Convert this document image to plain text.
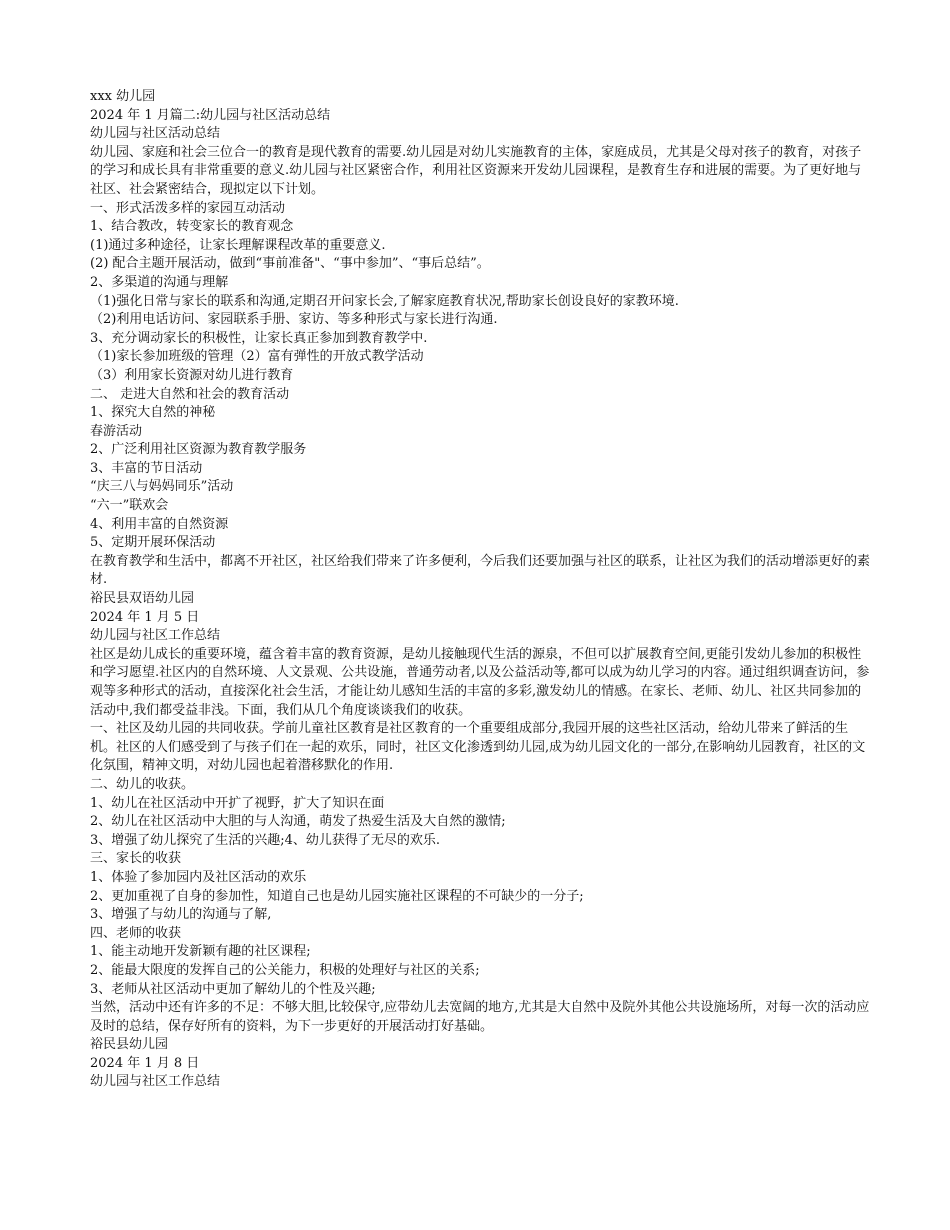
xxx 幼儿园

2024 年 1 月篇二:幼儿园与社区活动总结

幼儿园与社区活动总结

幼儿园、家庭和社会三位合一的教育是现代教育的需要.幼儿园是对幼儿实施教育的主体，家庭成员，尤其是父母对孩子的教育，对孩子的学习和成长具有非常重要的意义.幼儿园与社区紧密合作，利用社区资源来开发幼儿园课程，是教育生存和进展的需要。为了更好地与社区、社会紧密结合，现拟定以下计划。

一、形式活泼多样的家园互动活动

1、结合教改，转变家长的教育观念

(1)通过多种途径，让家长理解课程改革的重要意义.

(2) 配合主题开展活动，做到“事前准备"、“事中参加”、“事后总结”。

2、多渠道的沟通与理解

（1)强化日常与家长的联系和沟通,定期召开问家长会,了解家庭教育状况,帮助家长创设良好的家教环境.

（2)利用电话访问、家园联系手册、家访、等多种形式与家长进行沟通.

3、充分调动家长的积极性，让家长真正参加到教育教学中.

（1)家长参加班级的管理（2）富有弹性的开放式教学活动

（3）利用家长资源对幼儿进行教育

二、 走进大自然和社会的教育活动

1、探究大自然的神秘

春游活动

2、广泛利用社区资源为教育教学服务

3、丰富的节日活动

“庆三八与妈妈同乐”活动

“六一”联欢会

4、利用丰富的自然资源

5、定期开展环保活动

在教育教学和生活中，都离不开社区，社区给我们带来了许多便利，今后我们还要加强与社区的联系，让社区为我们的活动增添更好的素材.

裕民县双语幼儿园

2024 年 1 月 5 日

幼儿园与社区工作总结

社区是幼儿成长的重要环境，蕴含着丰富的教育资源，是幼儿接触现代生活的源泉，不但可以扩展教育空间,更能引发幼儿参加的积极性和学习愿望.社区内的自然环境、人文景观、公共设施，普通劳动者,以及公益活动等,都可以成为幼儿学习的内容。通过组织调查访问，参观等多种形式的活动，直接深化社会生活，才能让幼儿感知生活的丰富的多彩,激发幼儿的情感。在家长、老师、幼儿、社区共同参加的活动中,我们都受益非浅。下面，我们从几个角度谈谈我们的收获。

一、社区及幼儿园的共同收获。学前儿童社区教育是社区教育的一个重要组成部分,我园开展的这些社区活动，给幼儿带来了鲜活的生机。社区的人们感受到了与孩子们在一起的欢乐，同时，社区文化渗透到幼儿园,成为幼儿园文化的一部分,在影响幼儿园教育，社区的文化氛围，精神文明，对幼儿园也起着潜移默化的作用.

二、幼儿的收获。

1、幼儿在社区活动中开扩了视野，扩大了知识在面

2、幼儿在社区活动中大胆的与人沟通，萌发了热爱生活及大自然的激情;

3、增强了幼儿探究了生活的兴趣;4、幼儿获得了无尽的欢乐.

三、家长的收获

1、体验了参加园内及社区活动的欢乐

2、更加重视了自身的参加性，知道自己也是幼儿园实施社区课程的不可缺少的一分子;

3、增强了与幼儿的沟通与了解,

四、老师的收获

1、能主动地开发新颖有趣的社区课程;

2、能最大限度的发挥自己的公关能力，积极的处理好与社区的关系;

3、老师从社区活动中更加了解幼儿的个性及兴趣;

当然，活动中还有许多的不足：不够大胆,比较保守,应带幼儿去宽阔的地方,尤其是大自然中及院外其他公共设施场所，对每一次的活动应及时的总结，保存好所有的资料，为下一步更好的开展活动打好基础。

裕民县幼儿园

2024 年 1 月 8 日

幼儿园与社区工作总结
